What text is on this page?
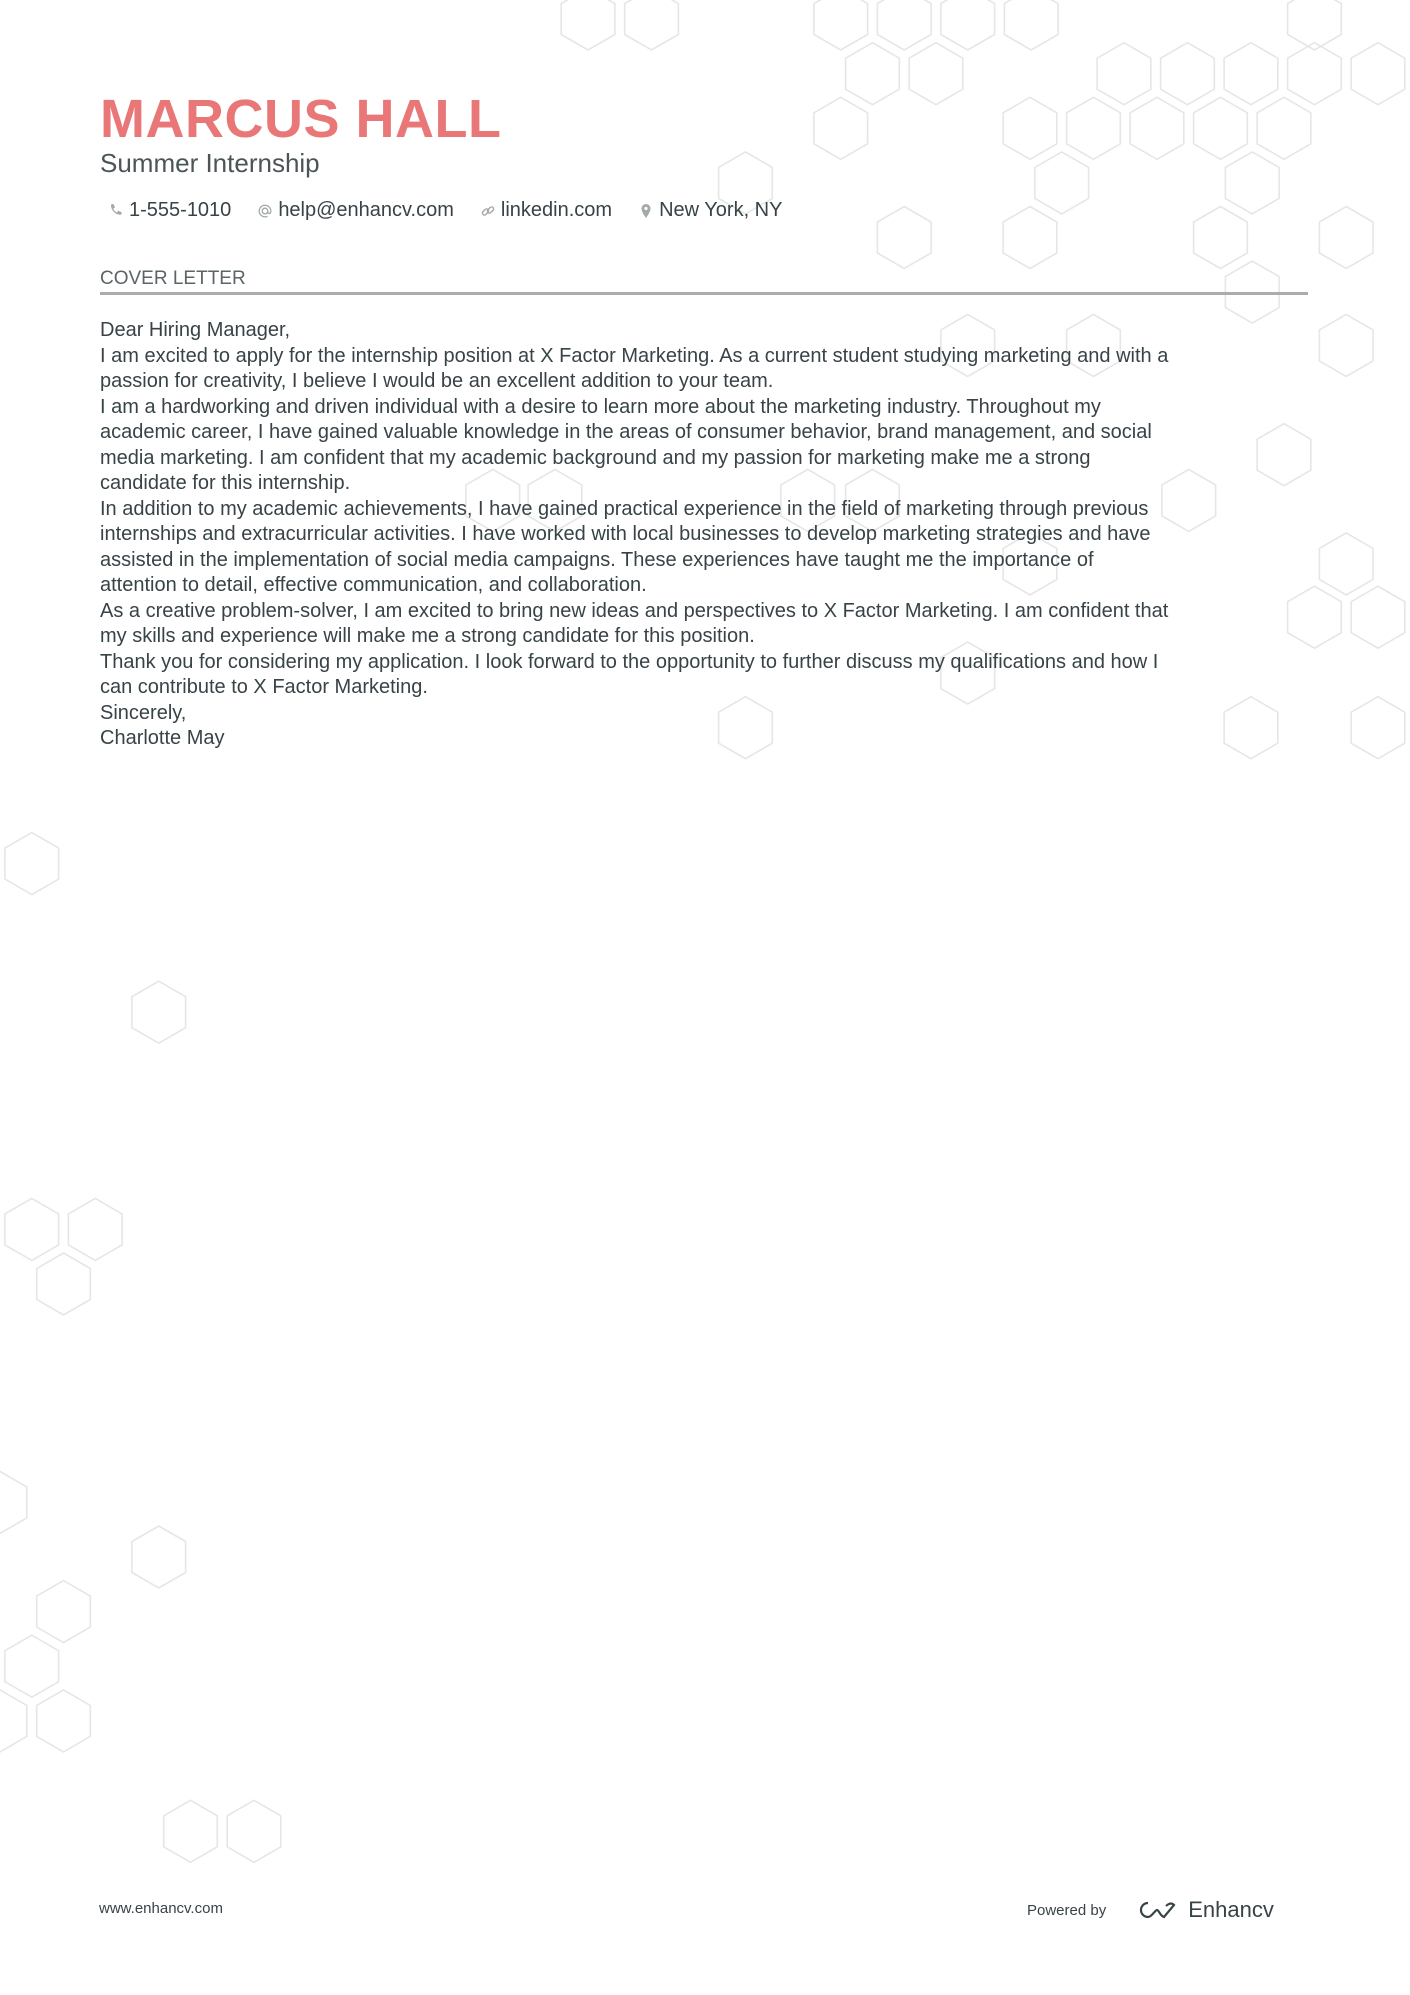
MARCUS HALL
Summer Internship
1-555-1010 help@enhancv.com linkedin.com New York, NY
COVER LETTER
Dear Hiring Manager,
I am excited to apply for the internship position at X Factor Marketing. As a current student studying marketing and with a
passion for creativity, I believe I would be an excellent addition to your team.
I am a hardworking and driven individual with a desire to learn more about the marketing industry. Throughout my
academic career, I have gained valuable knowledge in the areas of consumer behavior, brand management, and social
media marketing. I am confident that my academic background and my passion for marketing make me a strong
candidate for this internship.
In addition to my academic achievements, I have gained practical experience in the field of marketing through previous
internships and extracurricular activities. I have worked with local businesses to develop marketing strategies and have
assisted in the implementation of social media campaigns. These experiences have taught me the importance of
attention to detail, effective communication, and collaboration.
As a creative problem-solver, I am excited to bring new ideas and perspectives to X Factor Marketing. I am confident that
my skills and experience will make me a strong candidate for this position.
Thank you for considering my application. I look forward to the opportunity to further discuss my qualifications and how I
can contribute to X Factor Marketing.
Sincerely,
Charlotte May
www.enhancv.com	Powered by	Enhancv
